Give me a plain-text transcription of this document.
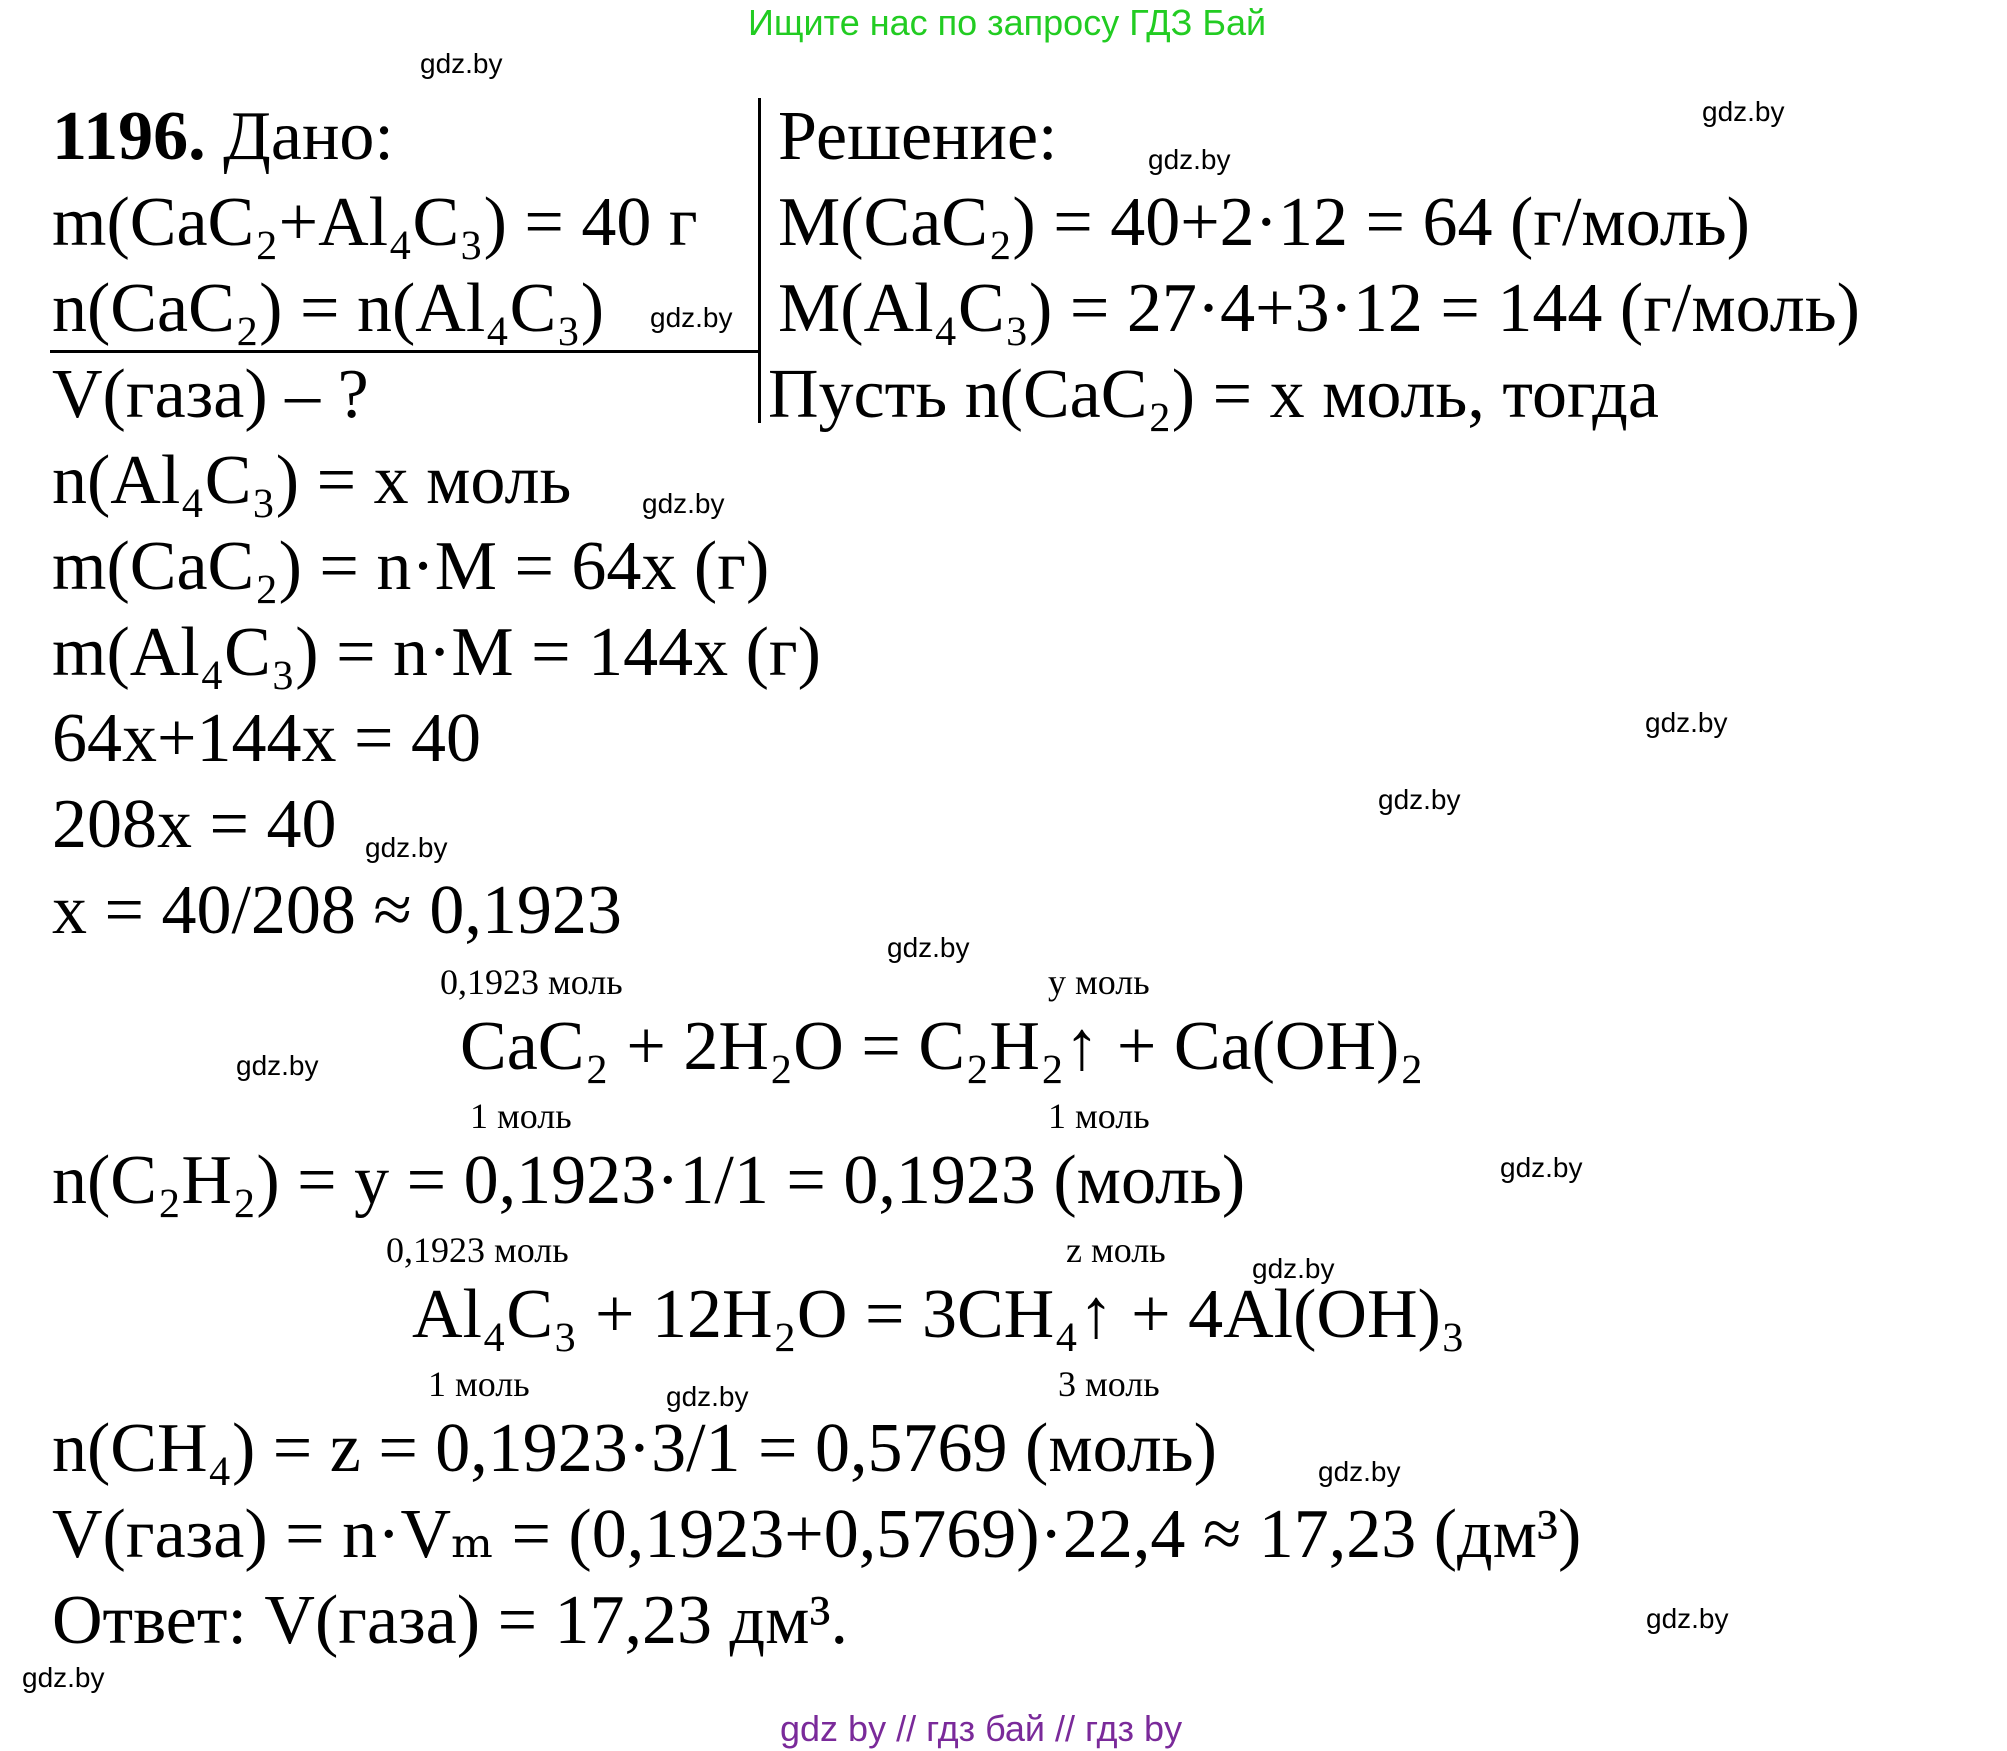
Ищите нас по запросу ГДЗ Бай
gdz.by
gdz.by
gdz.by
gdz.by
gdz.by
gdz.by
gdz.by
gdz.by
gdz.by
gdz.by
gdz.by
gdz.by
gdz.by
gdz.by
gdz.by
gdz.by
1196. Дано:	Решение:
m(CaC₂+Al₄C₃) = 40 г
n(CaC₂) = n(Al₄C₃)
V(газа) – ?
M(CaC₂) = 40+2·12 = 64 (г/моль)
M(Al₄C₃) = 27·4+3·12 = 144 (г/моль)
Пусть n(CaC₂) = x моль, тогда
n(Al₄C₃) = x моль
m(CaC₂) = n·M = 64x (г)
m(Al₄C₃) = n·M = 144x (г)
64x+144x = 40
208x = 40
x = 40/208 ≈ 0,1923
0,1923 моль	y моль
CaC₂ + 2H₂O = C₂H₂↑ + Ca(OH)₂
1 моль	1 моль
n(C₂H₂) = y = 0,1923·1/1 = 0,1923 (моль)
0,1923 моль	z моль
Al₄C₃ + 12H₂O = 3CH₄↑ + 4Al(OH)₃
1 моль	3 моль
n(CH₄) = z = 0,1923·3/1 = 0,5769 (моль)
V(газа) = n·Vₘ = (0,1923+0,5769)·22,4 ≈ 17,23 (дм³)
Ответ: V(газа) = 17,23 дм³.
gdz by // гдз бай // гдз by
